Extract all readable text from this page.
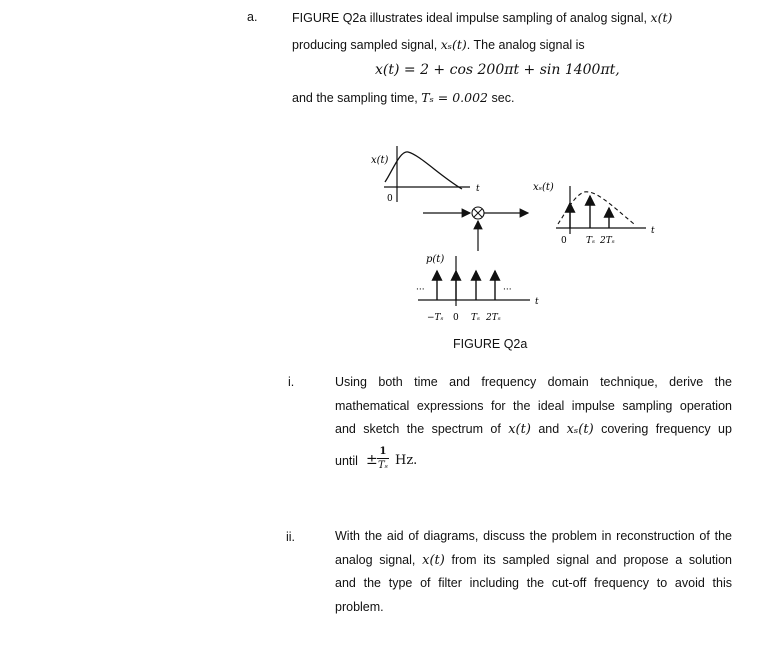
a.	FIGURE Q2a illustrates ideal impulse sampling of analog signal, x(t)
producing sampled signal, xₛ(t). The analog signal is
x(t) = 2 + cos 200πt + sin 1400πt,
and the sampling time, Tₛ = 0.002 sec.
x(t)
t
0
xₛ(t)
t
0 Tₛ 2Tₛ
p(t)
···	···
t
−Tₛ 0 Tₛ 2Tₛ
FIGURE Q2a
i.	Using both time and frequency domain technique, derive the
mathematical expressions for the ideal impulse sampling operation
and sketch the spectrum of x(t) and xₛ(t) covering frequency up
until ±
1
Tₛ Hz.
ii.	With the aid of diagrams, discuss the problem in reconstruction of the
analog signal, x(t) from its sampled signal and propose a solution
and the type of filter including the cut-off frequency to avoid this
problem.
